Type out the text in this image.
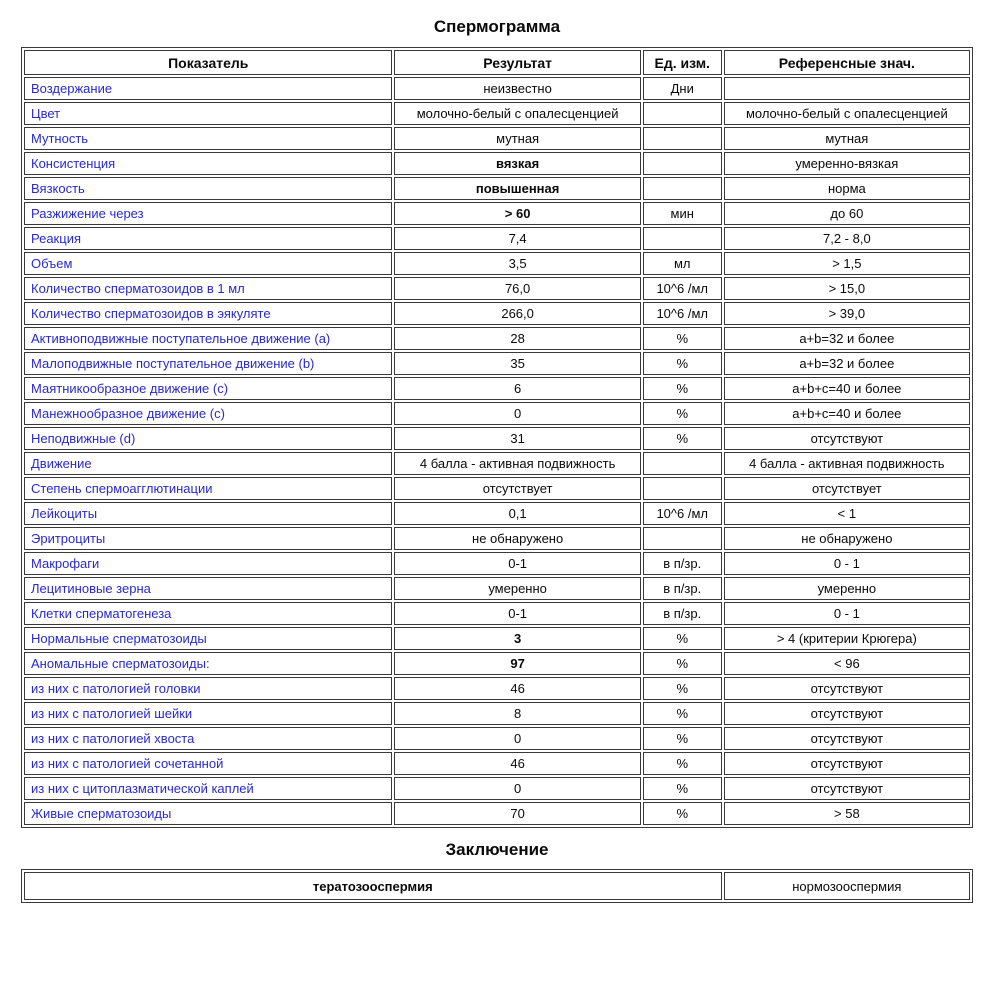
Спермограмма
Показатель	Результат	Ед. изм.	Референсные знач.
Воздержание	неизвестно	Дни	
Цвет	молочно-белый с опалесценцией		молочно-белый с опалесценцией
Мутность	мутная		мутная
Консистенция	вязкая		умеренно-вязкая
Вязкость	повышенная		норма
Разжижение через	> 60	мин	до 60
Реакция	7,4		7,2 - 8,0
Объем	3,5	мл	> 1,5
Количество сперматозоидов в 1 мл	76,0	10^6 /мл	> 15,0
Количество сперматозоидов в эякуляте	266,0	10^6 /мл	> 39,0
Активноподвижные поступательное движение (a)	28	%	a+b=32 и более
Малоподвижные поступательное движение (b)	35	%	a+b=32 и более
Маятникообразное движение (c)	6	%	a+b+c=40 и более
Манежнообразное движение (c)	0	%	a+b+c=40 и более
Неподвижные (d)	31	%	отсутствуют
Движение	4 балла - активная подвижность		4 балла - активная подвижность
Степень спермоагглютинации	отсутствует		отсутствует
Лейкоциты	0,1	10^6 /мл	< 1
Эритроциты	не обнаружено		не обнаружено
Макрофаги	0-1	в п/зр.	0 - 1
Лецитиновые зерна	умеренно	в п/зр.	умеренно
Клетки сперматогенеза	0-1	в п/зр.	0 - 1
Нормальные сперматозоиды	3	%	> 4 (критерии Крюгера)
Аномальные сперматозоиды:	97	%	< 96
из них с патологией головки	46	%	отсутствуют
из них с патологией шейки	8	%	отсутствуют
из них с патологией хвоста	0	%	отсутствуют
из них с патологией сочетанной	46	%	отсутствуют
из них с цитоплазматической каплей	0	%	отсутствуют
Живые сперматозоиды	70	%	> 58
Заключение
тератозооспермия	нормозооспермия
